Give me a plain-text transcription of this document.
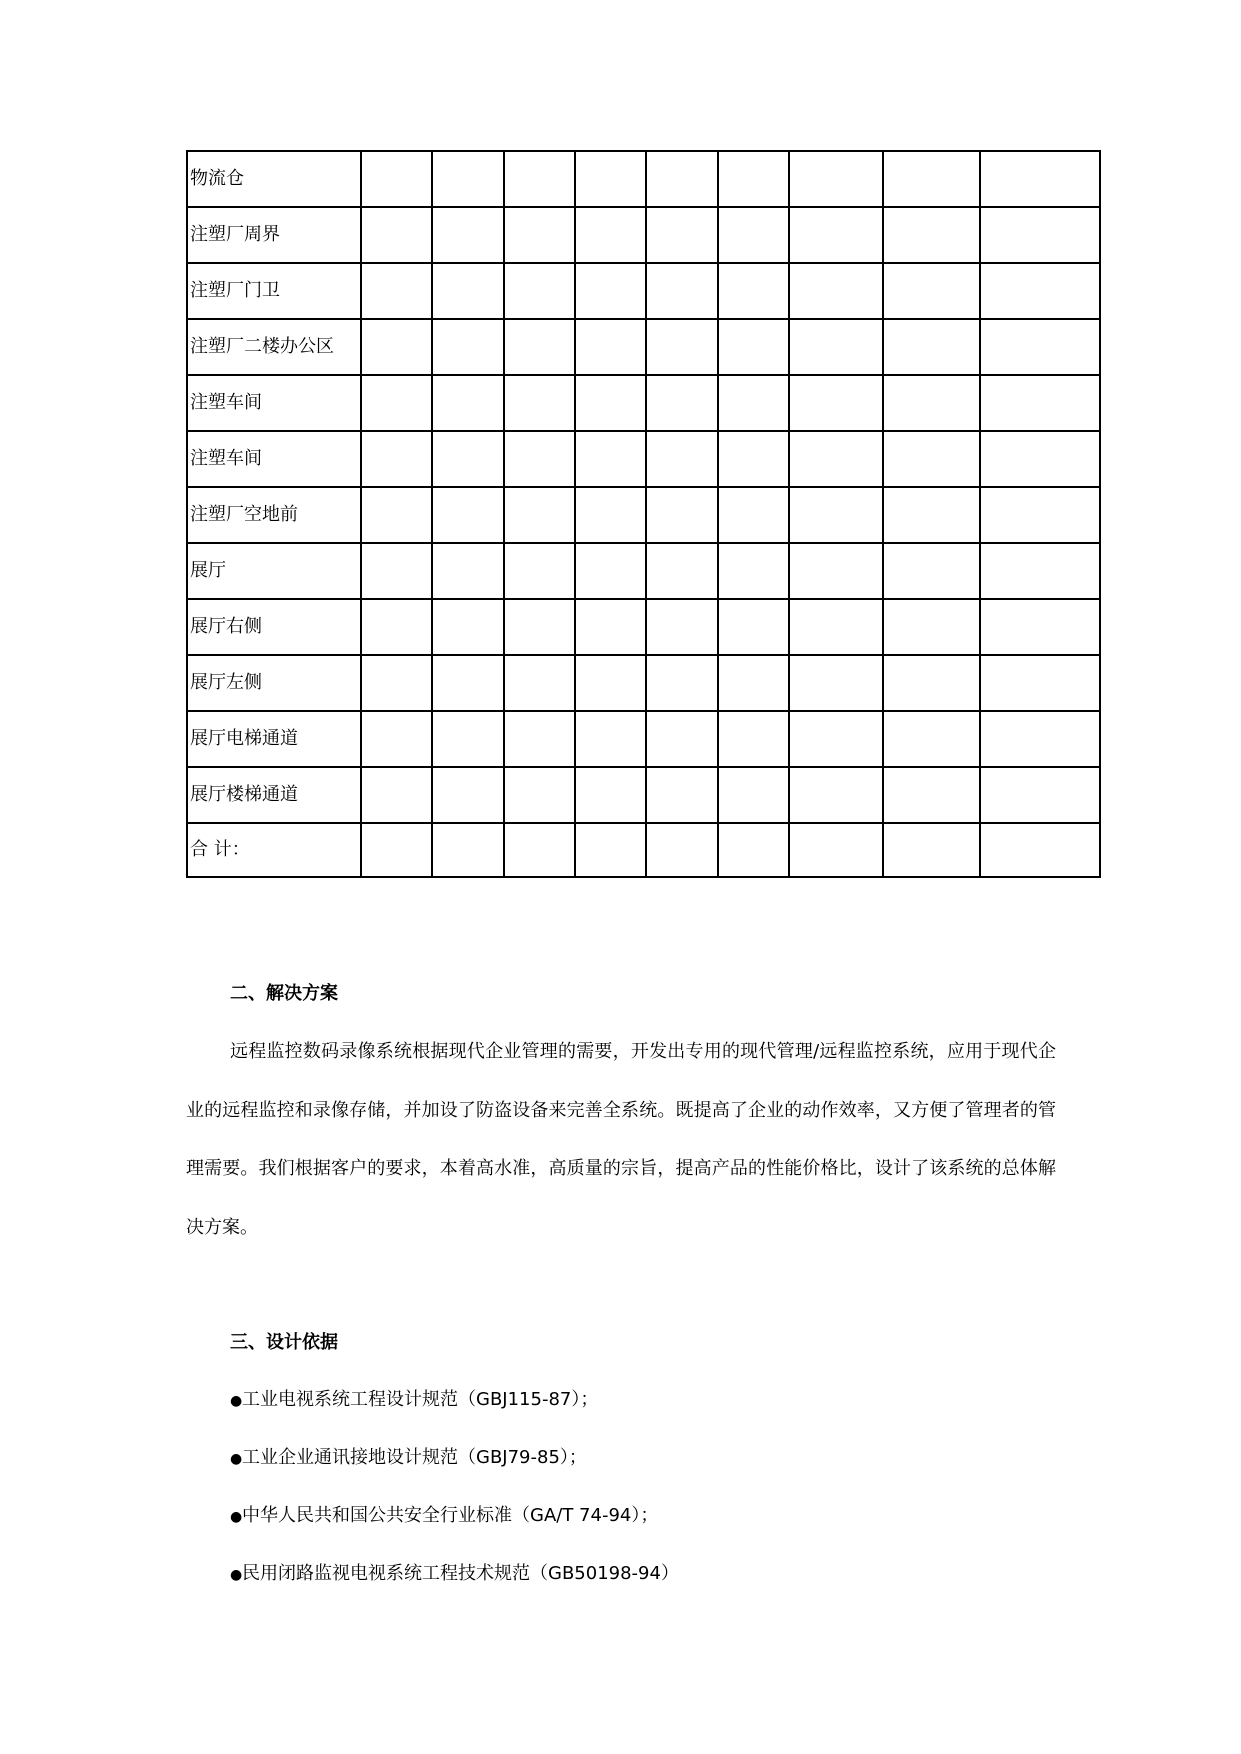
物流仓									
注塑厂周界									
注塑厂门卫									
注塑厂二楼办公区									
注塑车间									
注塑车间									
注塑厂空地前									
展厅									
展厅右侧									
展厅左侧									
展厅电梯通道									
展厅楼梯通道									
合 计：									

二、解决方案

远程监控数码录像系统根据现代企业管理的需要，开发出专用的现代管理/远程监控系统，应用于现代企业的远程监控和录像存储，并加设了防盗设备来完善全系统。既提高了企业的动作效率，又方便了管理者的管理需要。我们根据客户的要求，本着高水准，高质量的宗旨，提高产品的性能价格比，设计了该系统的总体解决方案。

三、设计依据

●工业电视系统工程设计规范（GBJ115-87）；
●工业企业通讯接地设计规范（GBJ79-85）；
●中华人民共和国公共安全行业标准（GA/T 74-94）；
●民用闭路监视电视系统工程技术规范（GB50198-94）
